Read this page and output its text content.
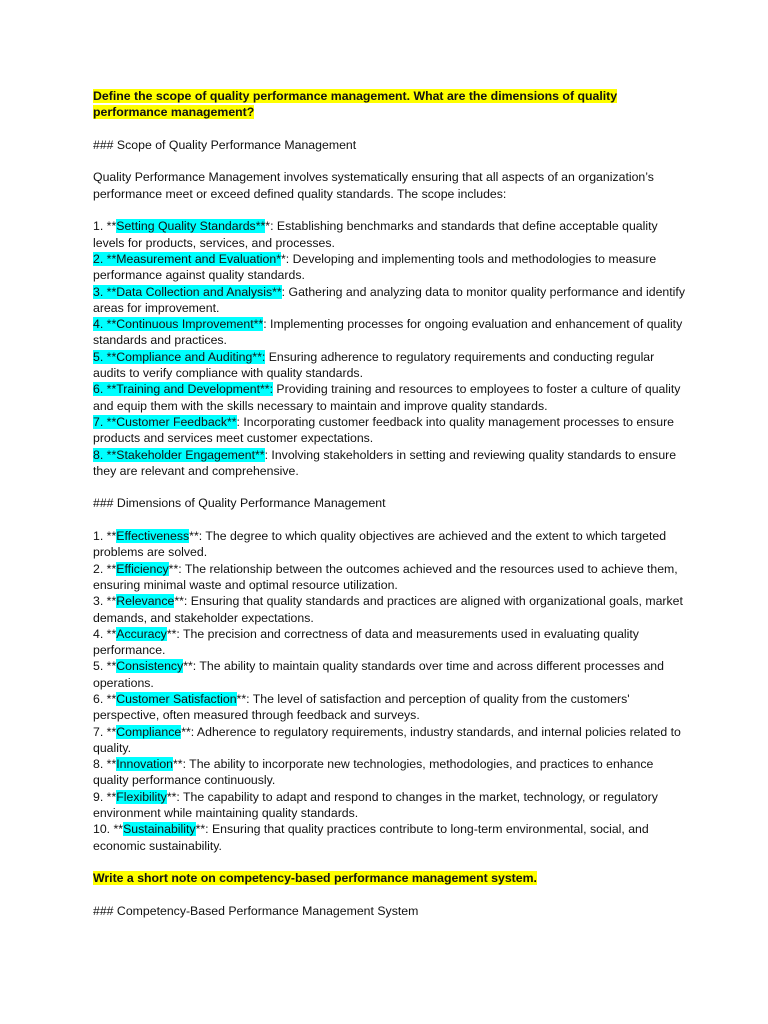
Define the scope of quality performance management. What are the dimensions of quality performance management?

### Scope of Quality Performance Management

Quality Performance Management involves systematically ensuring that all aspects of an organization’s performance meet or exceed defined quality standards. The scope includes:

1. **Setting Quality Standards***: Establishing benchmarks and standards that define acceptable quality levels for products, services, and processes.
2. **Measurement and Evaluation**: Developing and implementing tools and methodologies to measure performance against quality standards.
3. **Data Collection and Analysis**: Gathering and analyzing data to monitor quality performance and identify areas for improvement.
4. **Continuous Improvement**: Implementing processes for ongoing evaluation and enhancement of quality standards and practices.
5. **Compliance and Auditing**: Ensuring adherence to regulatory requirements and conducting regular audits to verify compliance with quality standards.
6. **Training and Development**: Providing training and resources to employees to foster a culture of quality and equip them with the skills necessary to maintain and improve quality standards.
7. **Customer Feedback**: Incorporating customer feedback into quality management processes to ensure products and services meet customer expectations.
8. **Stakeholder Engagement**: Involving stakeholders in setting and reviewing quality standards to ensure they are relevant and comprehensive.

### Dimensions of Quality Performance Management

1. **Effectiveness**: The degree to which quality objectives are achieved and the extent to which targeted problems are solved.
2. **Efficiency**: The relationship between the outcomes achieved and the resources used to achieve them, ensuring minimal waste and optimal resource utilization.
3. **Relevance**: Ensuring that quality standards and practices are aligned with organizational goals, market demands, and stakeholder expectations.
4. **Accuracy**: The precision and correctness of data and measurements used in evaluating quality performance.
5. **Consistency**: The ability to maintain quality standards over time and across different processes and operations.
6. **Customer Satisfaction**: The level of satisfaction and perception of quality from the customers' perspective, often measured through feedback and surveys.
7. **Compliance**: Adherence to regulatory requirements, industry standards, and internal policies related to quality.
8. **Innovation**: The ability to incorporate new technologies, methodologies, and practices to enhance quality performance continuously.
9. **Flexibility**: The capability to adapt and respond to changes in the market, technology, or regulatory environment while maintaining quality standards.
10. **Sustainability**: Ensuring that quality practices contribute to long-term environmental, social, and economic sustainability.

Write a short note on competency-based performance management system.

### Competency-Based Performance Management System
